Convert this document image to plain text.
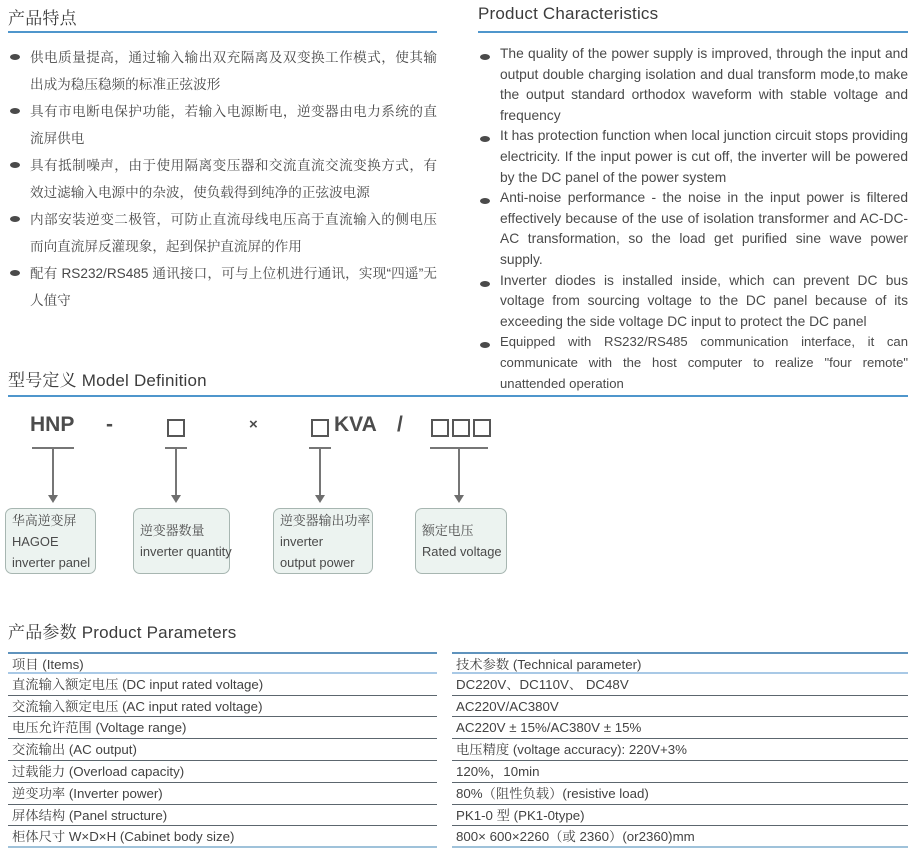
产品特点
供电质量提高，通过输入输出双充隔离及双变换工作模式，使其输出成为稳压稳频的标准正弦波形
具有市电断电保护功能，若输入电源断电，逆变器由电力系统的直流屏供电
具有抵制噪声，由于使用隔离变压器和交流直流交流变换方式，有效过滤输入电源中的杂波，使负载得到纯净的正弦波电源
内部安装逆变二极管，可防止直流母线电压高于直流输入的侧电压而向直流屏反灌现象，起到保护直流屏的作用
配有 RS232/RS485 通讯接口，可与上位机进行通讯，实现“四遥”无人值守
Product Characteristics
The quality of the power supply is improved, through the input and output double charging isolation and dual transform mode,to make the output standard orthodox waveform with stable voltage and frequency
It has protection function when local junction circuit stops providing electricity. If the input power is cut off, the inverter will be powered by the DC panel of the power system
Anti-noise performance - the noise in the input power is filtered effectively because of the use of isolation transformer and AC-DC-AC transformation, so the load get purified sine wave power supply.
Inverter diodes is installed inside, which can prevent DC bus voltage from sourcing voltage to the DC panel because of its exceeding the side voltage DC input to protect the DC panel
Equipped with RS232/RS485 communication interface, it can communicate with the host computer to realize "four remote" unattended operation
型号定义 Model Definition
HNP -	×	KVA /
华高逆变屏
HAGOE
inverter panel
逆变器数量
inverter quantity
逆变器输出功率
inverter
output power
额定电压
Rated voltage
产品参数 Product Parameters
项目 (Items)	技术参数 (Technical parameter)
直流输入额定电压 (DC input rated voltage)	DC220V、DC110V、 DC48V
交流输入额定电压 (AC input rated voltage)	AC220V/AC380V
电压允许范围 (Voltage range)	AC220V ± 15%/AC380V ± 15%
交流输出 (AC output)	电压精度 (voltage accuracy): 220V+3%
过载能力 (Overload capacity)	120%，10min
逆变功率 (Inverter power)	80%（阻性负载）(resistive load)
屏体结构 (Panel structure)	PK1-0 型 (PK1-0type)
柜体尺寸 W×D×H (Cabinet body size)	800× 600×2260（或 2360）(or2360)mm
